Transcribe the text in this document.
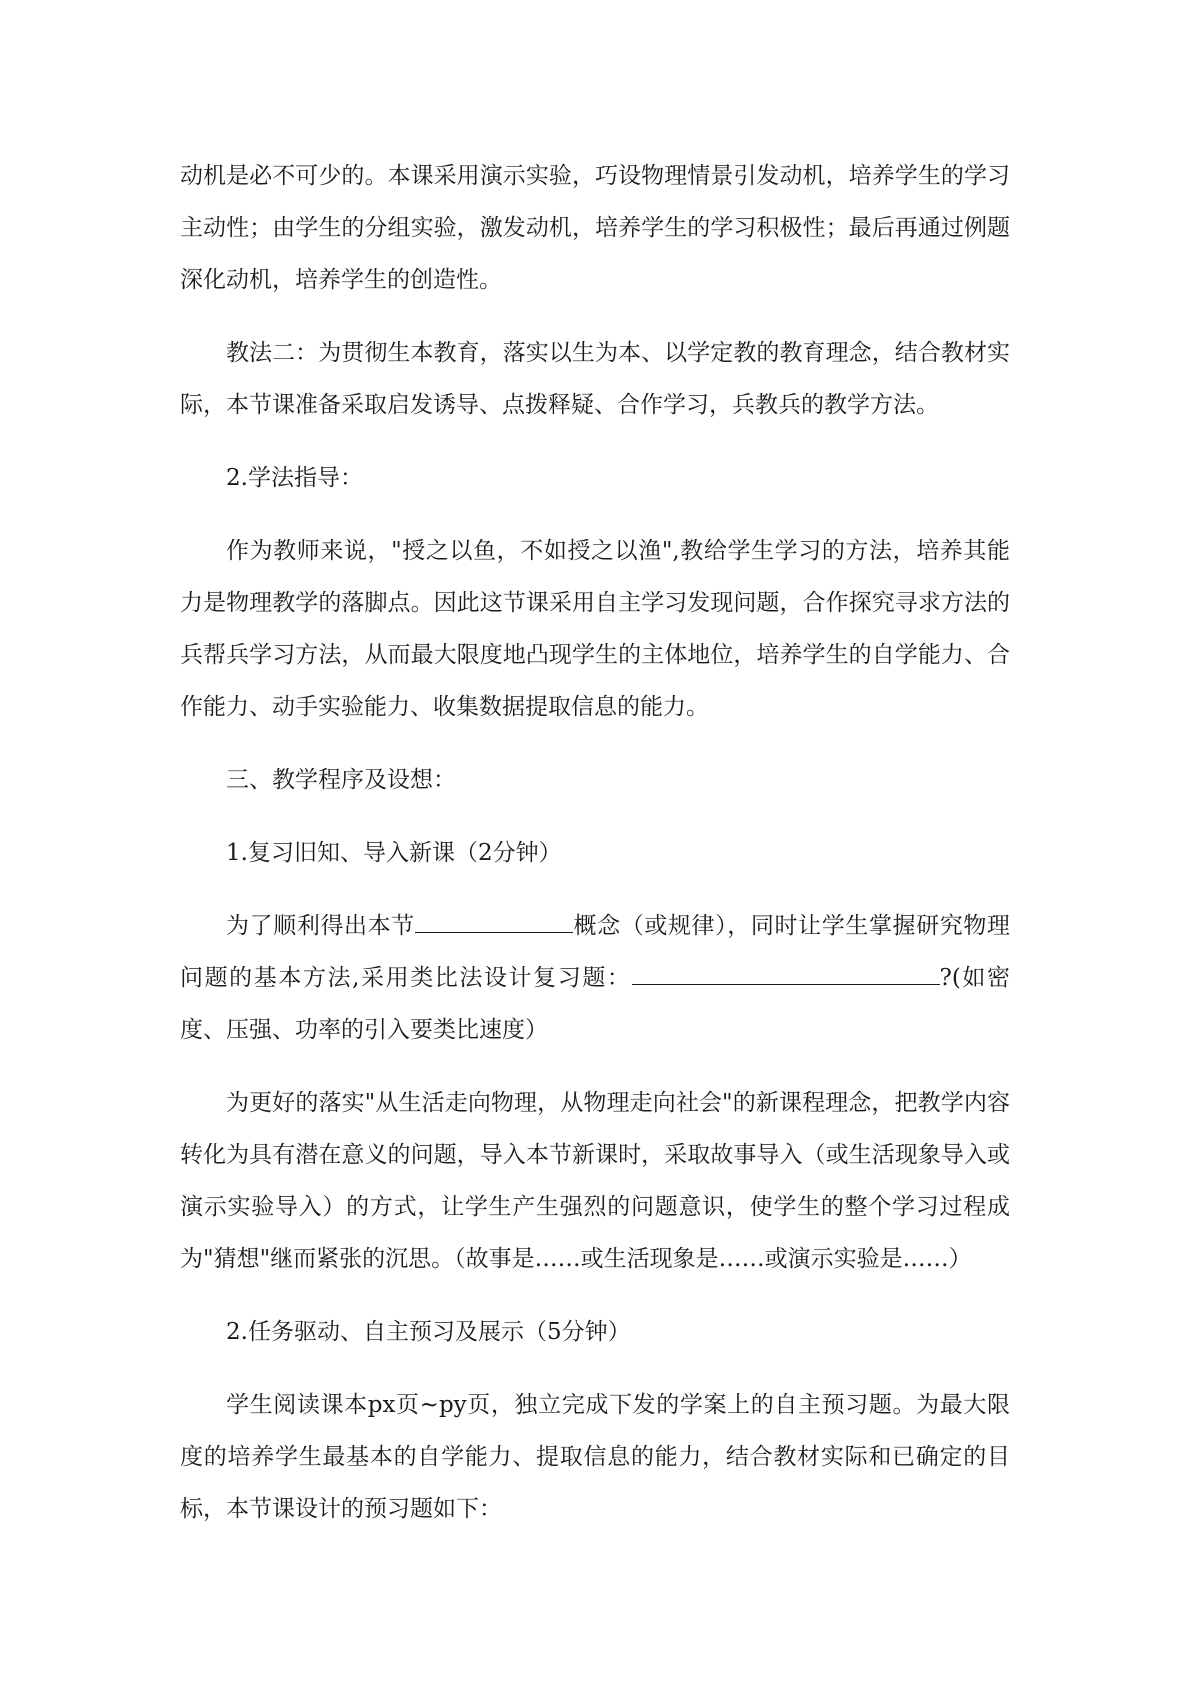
动机是必不可少的。本课采用演示实验，巧设物理情景引发动机，培养学生的学习主动性；由学生的分组实验，激发动机，培养学生的学习积极性；最后再通过例题深化动机，培养学生的创造性。

教法二：为贯彻生本教育，落实以生为本、以学定教的教育理念，结合教材实际，本节课准备采取启发诱导、点拨释疑、合作学习，兵教兵的教学方法。

2.学法指导：

作为教师来说，"授之以鱼，不如授之以渔",教给学生学习的方法，培养其能力是物理教学的落脚点。因此这节课采用自主学习发现问题，合作探究寻求方法的兵帮兵学习方法，从而最大限度地凸现学生的主体地位，培养学生的自学能力、合作能力、动手实验能力、收集数据提取信息的能力。

三、教学程序及设想：

1.复习旧知、导入新课（2分钟）

为了顺利得出本节	概念（或规律），同时让学生掌握研究物理问题的基本方法,采用类比法设计复习题：	?(如密度、压强、功率的引入要类比速度）

为更好的落实"从生活走向物理，从物理走向社会"的新课程理念，把教学内容转化为具有潜在意义的问题，导入本节新课时，采取故事导入（或生活现象导入或演示实验导入）的方式，让学生产生强烈的问题意识，使学生的整个学习过程成为"猜想"继而紧张的沉思。（故事是……或生活现象是……或演示实验是……）

2.任务驱动、自主预习及展示（5分钟）

学生阅读课本px页~py页，独立完成下发的学案上的自主预习题。为最大限度的培养学生最基本的自学能力、提取信息的能力，结合教材实际和已确定的目标，本节课设计的预习题如下：
